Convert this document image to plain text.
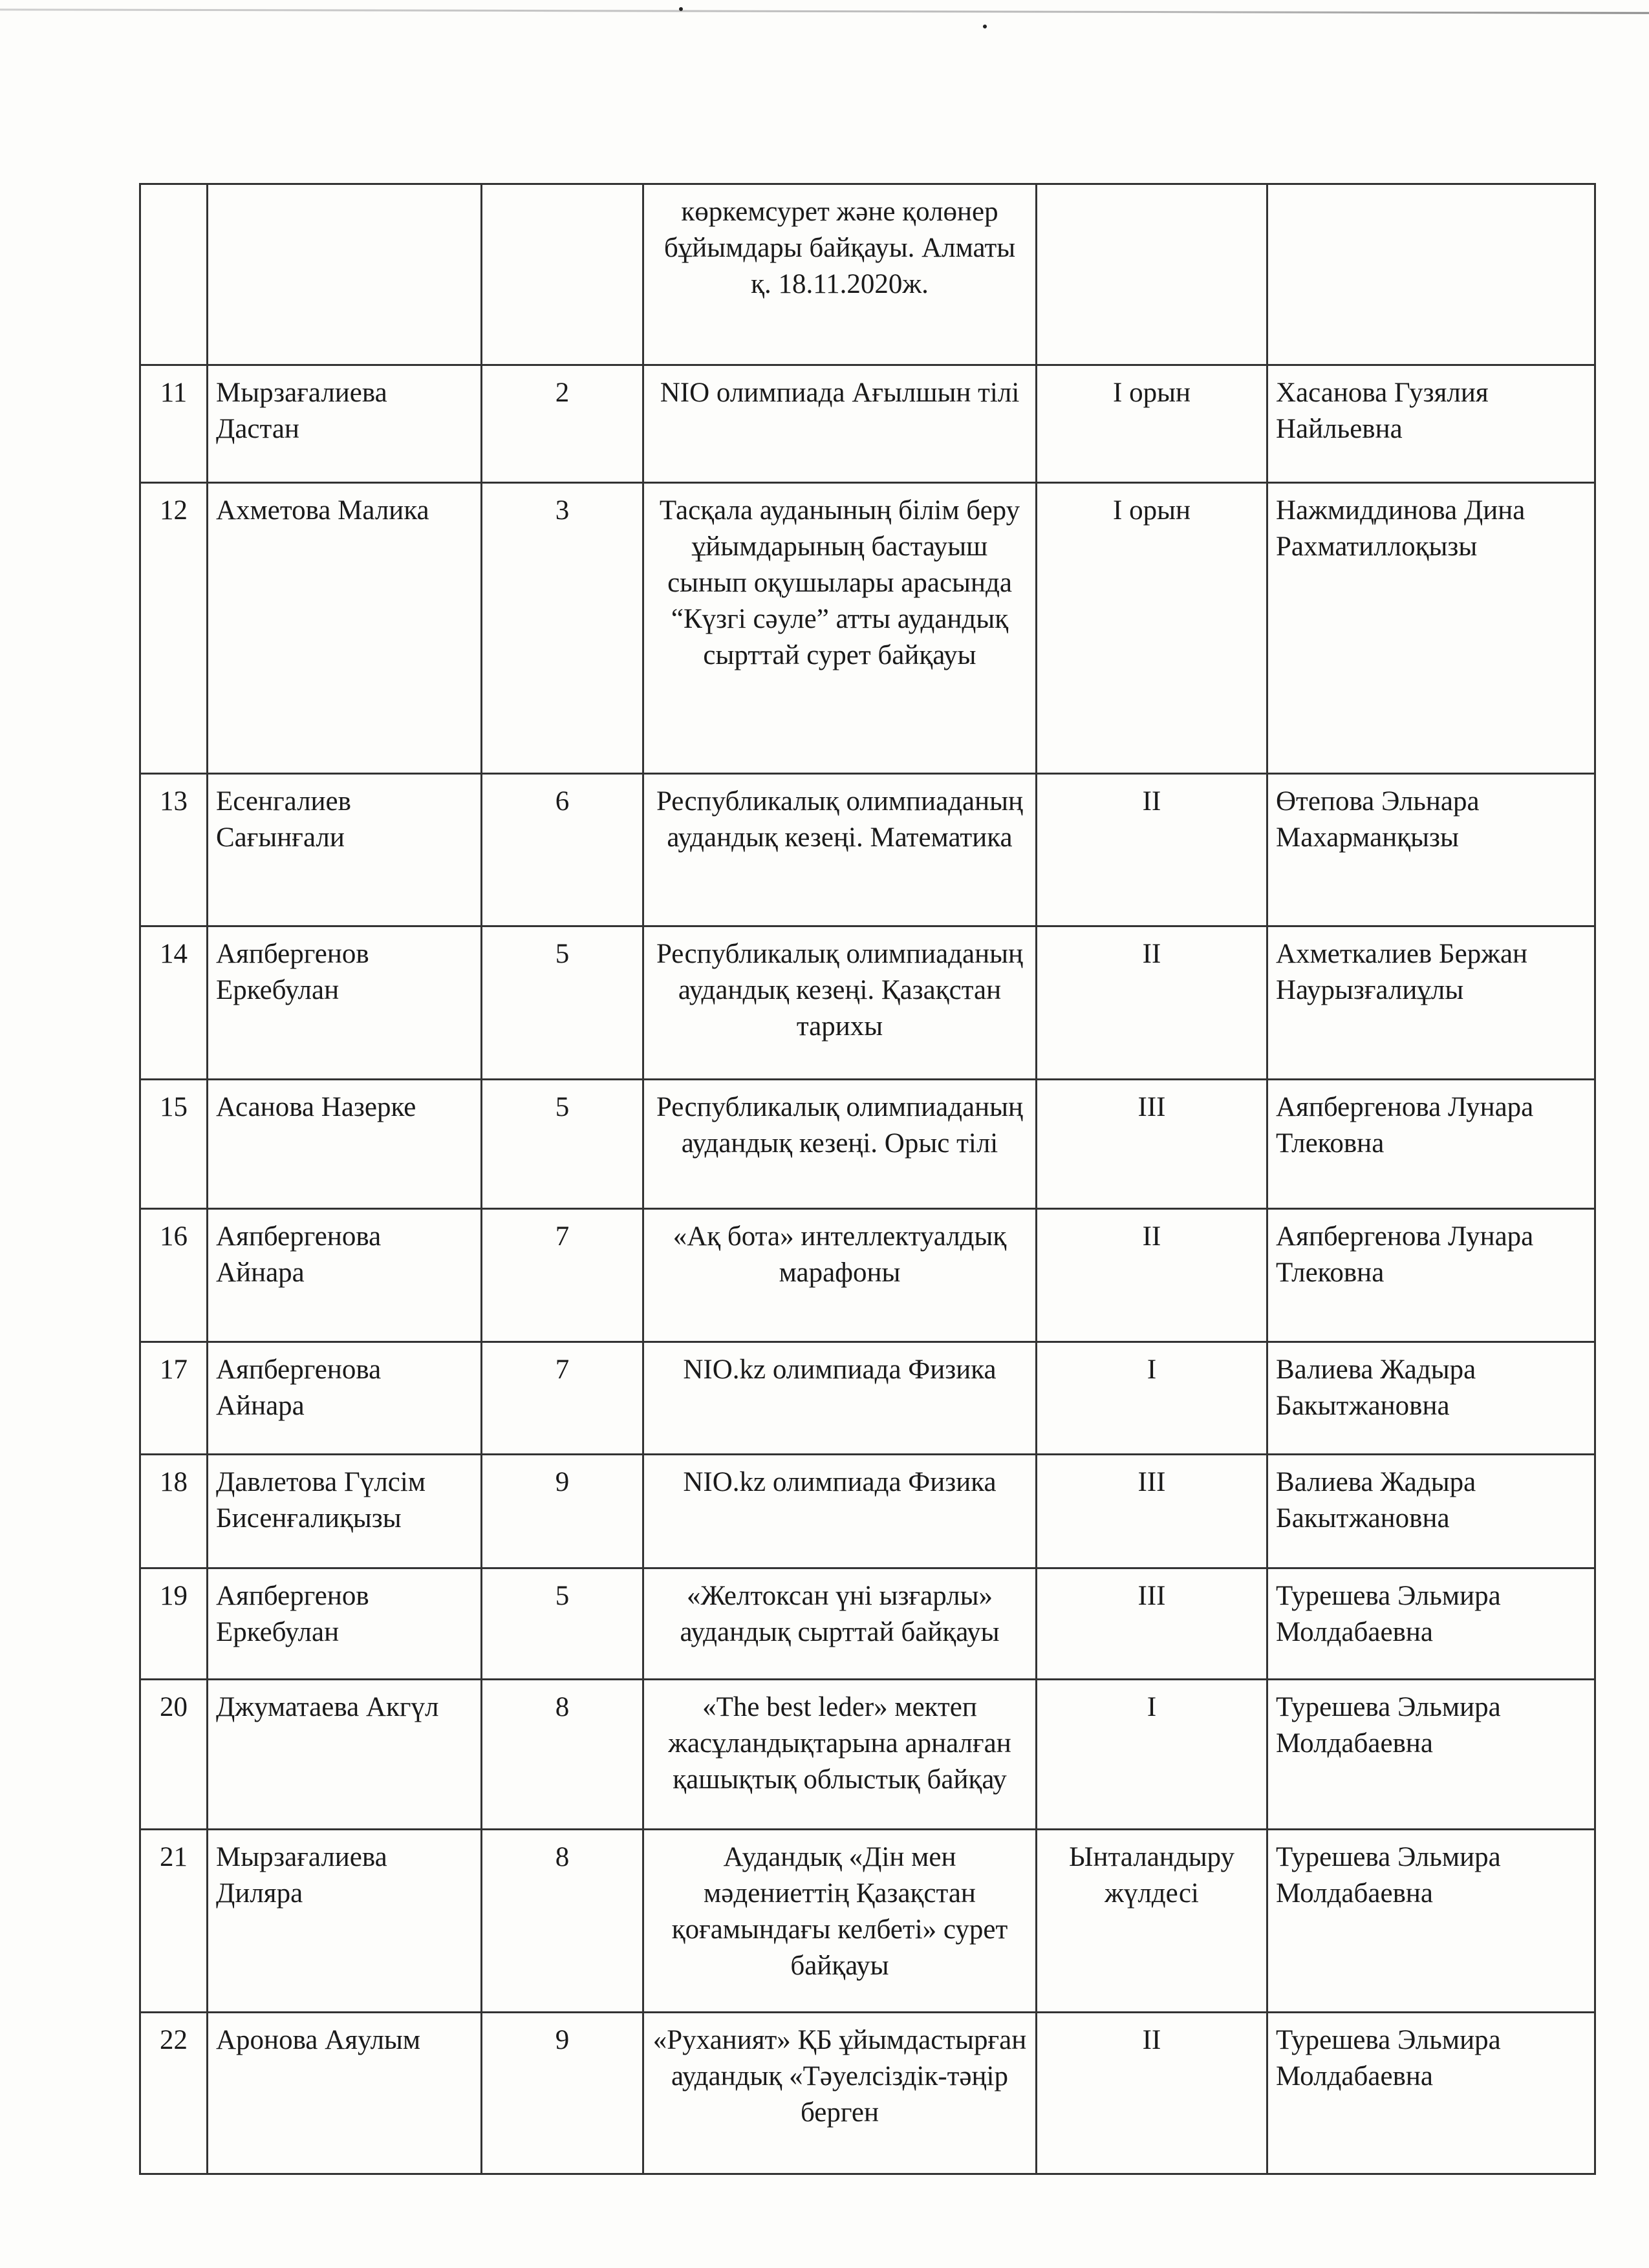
			көркемсурет және қолөнер бұйымдары байқауы. Алматы қ. 18.11.2020ж.		
11	Мырзағалиева Дастан	2	NIO олимпиада Ағылшын тілі	І орын	Хасанова Гузялия Найльевна
12	Ахметова Малика	3	Тасқала ауданының білім беру ұйымдарының бастауыш сынып оқушылары арасында “Күзгі сәуле” атты аудандық сырттай сурет байқауы	І орын	Нажмиддинова Дина Рахматиллоқызы
13	Есенгалиев Сағынғали	6	Республикалық олимпиаданың аудандық кезеңі. Математика	ІІ	Өтепова Эльнара Махарманқызы
14	Аяпбергенов Еркебулан	5	Республикалық олимпиаданың аудандық кезеңі. Қазақстан тарихы	ІІ	Ахметкалиев Бержан Наурызғалиұлы
15	Асанова Назерке	5	Республикалық олимпиаданың аудандық кезеңі. Орыс тілі	ІІІ	Аяпбергенова Лунара Тлековна
16	Аяпбергенова Айнара	7	«Ақ бота» интеллектуалдық марафоны	ІІ	Аяпбергенова Лунара Тлековна
17	Аяпбергенова Айнара	7	NIO.kz олимпиада Физика	І	Валиева Жадыра Бакытжановна
18	Давлетова Гүлсім Бисенғалиқызы	9	NIO.kz олимпиада Физика	ІІІ	Валиева Жадыра Бакытжановна
19	Аяпбергенов Еркебулан	5	«Желтоксан үні ызғарлы» аудандық сырттай байқауы	ІІІ	Турешева Эльмира Молдабаевна
20	Джуматаева Акгүл	8	«The best leder» мектеп жасұландықтарына арналған қашықтық облыстық байқау	І	Турешева Эльмира Молдабаевна
21	Мырзағалиева Диляра	8	Аудандық «Дін мен мәдениеттің Қазақстан қоғамындағы келбеті» сурет байқауы	Ынталандыру жүлдесі	Турешева Эльмира Молдабаевна
22	Аронова Аяулым	9	«Руханият» ҚБ ұйымдастырған аудандық «Тәуелсіздік-тәңір берген	ІІ	Турешева Эльмира Молдабаевна
